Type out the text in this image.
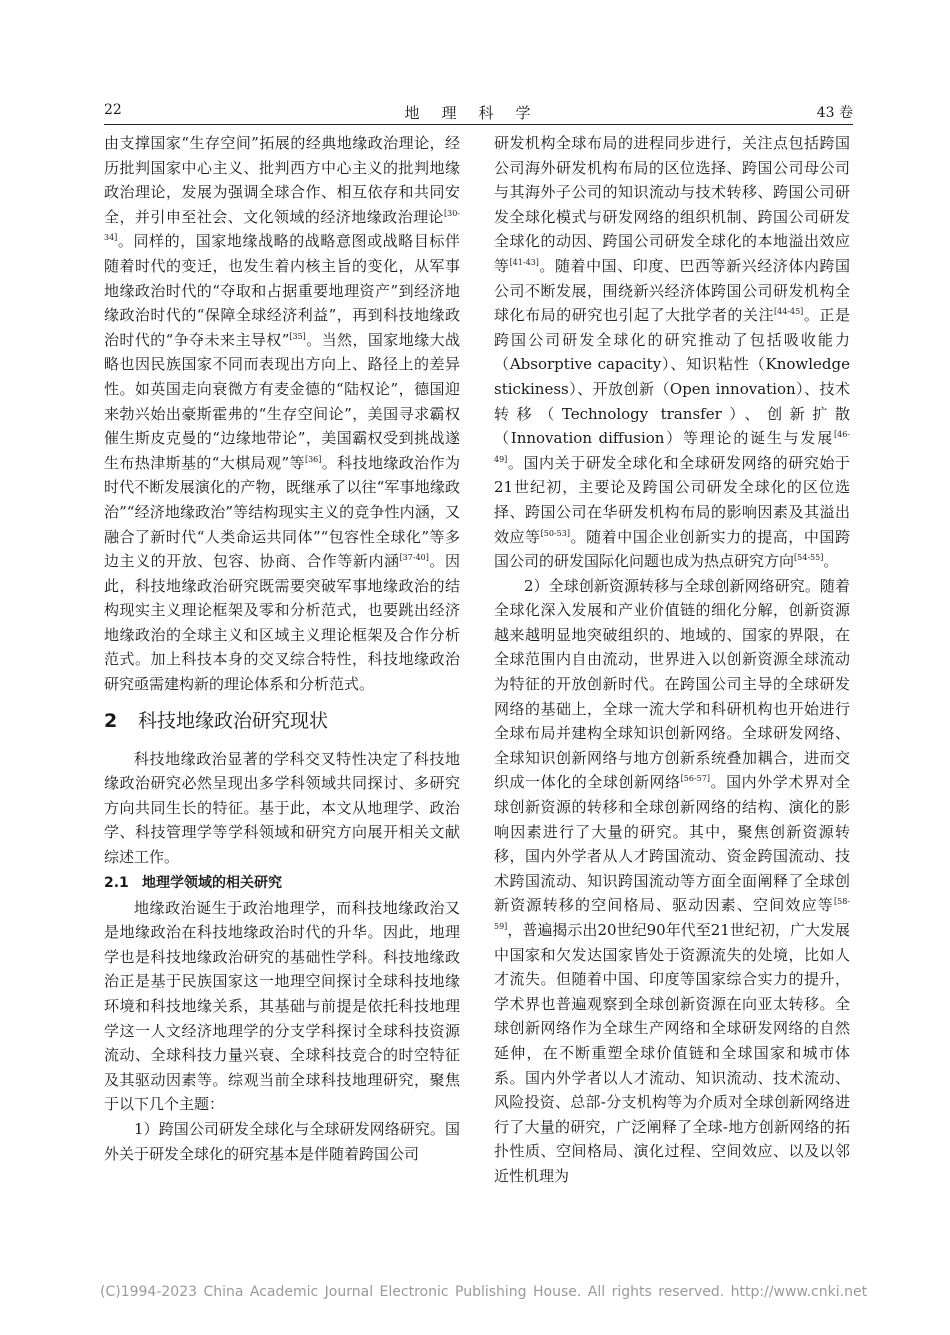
22	地理科学	43 卷

由支撑国家“生存空间”拓展的经典地缘政治理论，经历批判国家中心主义、批判西方中心主义的批判地缘政治理论，发展为强调全球合作、相互依存和共同安全，并引申至社会、文化领域的经济地缘政治理论[30-34]。同样的，国家地缘战略的战略意图或战略目标伴随着时代的变迁，也发生着内核主旨的变化，从军事地缘政治时代的“夺取和占据重要地理资产”到经济地缘政治时代的“保障全球经济利益”，再到科技地缘政治时代的“争夺未来主导权”[35]。当然，国家地缘大战略也因民族国家不同而表现出方向上、路径上的差异性。如英国走向衰微方有麦金德的“陆权论”，德国迎来勃兴始出豪斯霍弗的“生存空间论”，美国寻求霸权催生斯皮克曼的“边缘地带论”，美国霸权受到挑战遂生布热津斯基的“大棋局观”等[36]。科技地缘政治作为时代不断发展演化的产物，既继承了以往“军事地缘政治”“经济地缘政治”等结构现实主义的竞争性内涵，又融合了新时代“人类命运共同体”“包容性全球化”等多边主义的开放、包容、协商、合作等新内涵[37-40]。因此，科技地缘政治研究既需要突破军事地缘政治的结构现实主义理论框架及零和分析范式，也要跳出经济地缘政治的全球主义和区域主义理论框架及合作分析范式。加上科技本身的交叉综合特性，科技地缘政治研究亟需建构新的理论体系和分析范式。

2 科技地缘政治研究现状

科技地缘政治显著的学科交叉特性决定了科技地缘政治研究必然呈现出多学科领域共同探讨、多研究方向共同生长的特征。基于此，本文从地理学、政治学、科技管理学等学科领域和研究方向展开相关文献综述工作。

2.1 地理学领域的相关研究

地缘政治诞生于政治地理学，而科技地缘政治又是地缘政治在科技地缘政治时代的升华。因此，地理学也是科技地缘政治研究的基础性学科。科技地缘政治正是基于民族国家这一地理空间探讨全球科技地缘环境和科技地缘关系，其基础与前提是依托科技地理学这一人文经济地理学的分支学科探讨全球科技资源流动、全球科技力量兴衰、全球科技竞合的时空特征及其驱动因素等。综观当前全球科技地理研究，聚焦于以下几个主题：

1）跨国公司研发全球化与全球研发网络研究。国外关于研发全球化的研究基本是伴随着跨国公司

研发机构全球布局的进程同步进行，关注点包括跨国公司海外研发机构布局的区位选择、跨国公司母公司与其海外子公司的知识流动与技术转移、跨国公司研发全球化模式与研发网络的组织机制、跨国公司研发全球化的动因、跨国公司研发全球化的本地溢出效应等[41-43]。随着中国、印度、巴西等新兴经济体内跨国公司不断发展，围绕新兴经济体跨国公司研发机构全球化布局的研究也引起了大批学者的关注[44-45]。正是跨国公司研发全球化的研究推动了包括吸收能力（Absorptive capacity）、知识粘性（Knowledge stickiness）、开放创新（Open innovation）、技术转移（Technology transfer）、创新扩散（Innovation diffusion）等理论的诞生与发展[46-49]。国内关于研发全球化和全球研发网络的研究始于21世纪初，主要论及跨国公司研发全球化的区位选择、跨国公司在华研发机构布局的影响因素及其溢出效应等[50-53]。随着中国企业创新实力的提高，中国跨国公司的研发国际化问题也成为热点研究方向[54-55]。

2）全球创新资源转移与全球创新网络研究。随着全球化深入发展和产业价值链的细化分解，创新资源越来越明显地突破组织的、地域的、国家的界限，在全球范围内自由流动，世界进入以创新资源全球流动为特征的开放创新时代。在跨国公司主导的全球研发网络的基础上，全球一流大学和科研机构也开始进行全球布局并建构全球知识创新网络。全球研发网络、全球知识创新网络与地方创新系统叠加耦合，进而交织成一体化的全球创新网络[56-57]。国内外学术界对全球创新资源的转移和全球创新网络的结构、演化的影响因素进行了大量的研究。其中，聚焦创新资源转移，国内外学者从人才跨国流动、资金跨国流动、技术跨国流动、知识跨国流动等方面全面阐释了全球创新资源转移的空间格局、驱动因素、空间效应等[58-59]，普遍揭示出20世纪90年代至21世纪初，广大发展中国家和欠发达国家皆处于资源流失的处境，比如人才流失。但随着中国、印度等国家综合实力的提升，学术界也普遍观察到全球创新资源在向亚太转移。全球创新网络作为全球生产网络和全球研发网络的自然延伸，在不断重塑全球价值链和全球国家和城市体系。国内外学者以人才流动、知识流动、技术流动、风险投资、总部-分支机构等为介质对全球创新网络进行了大量的研究，广泛阐释了全球-地方创新网络的拓扑性质、空间格局、演化过程、空间效应、以及以邻近性机理为

(C)1994-2023 China Academic Journal Electronic Publishing House. All rights reserved. http://www.cnki.net
